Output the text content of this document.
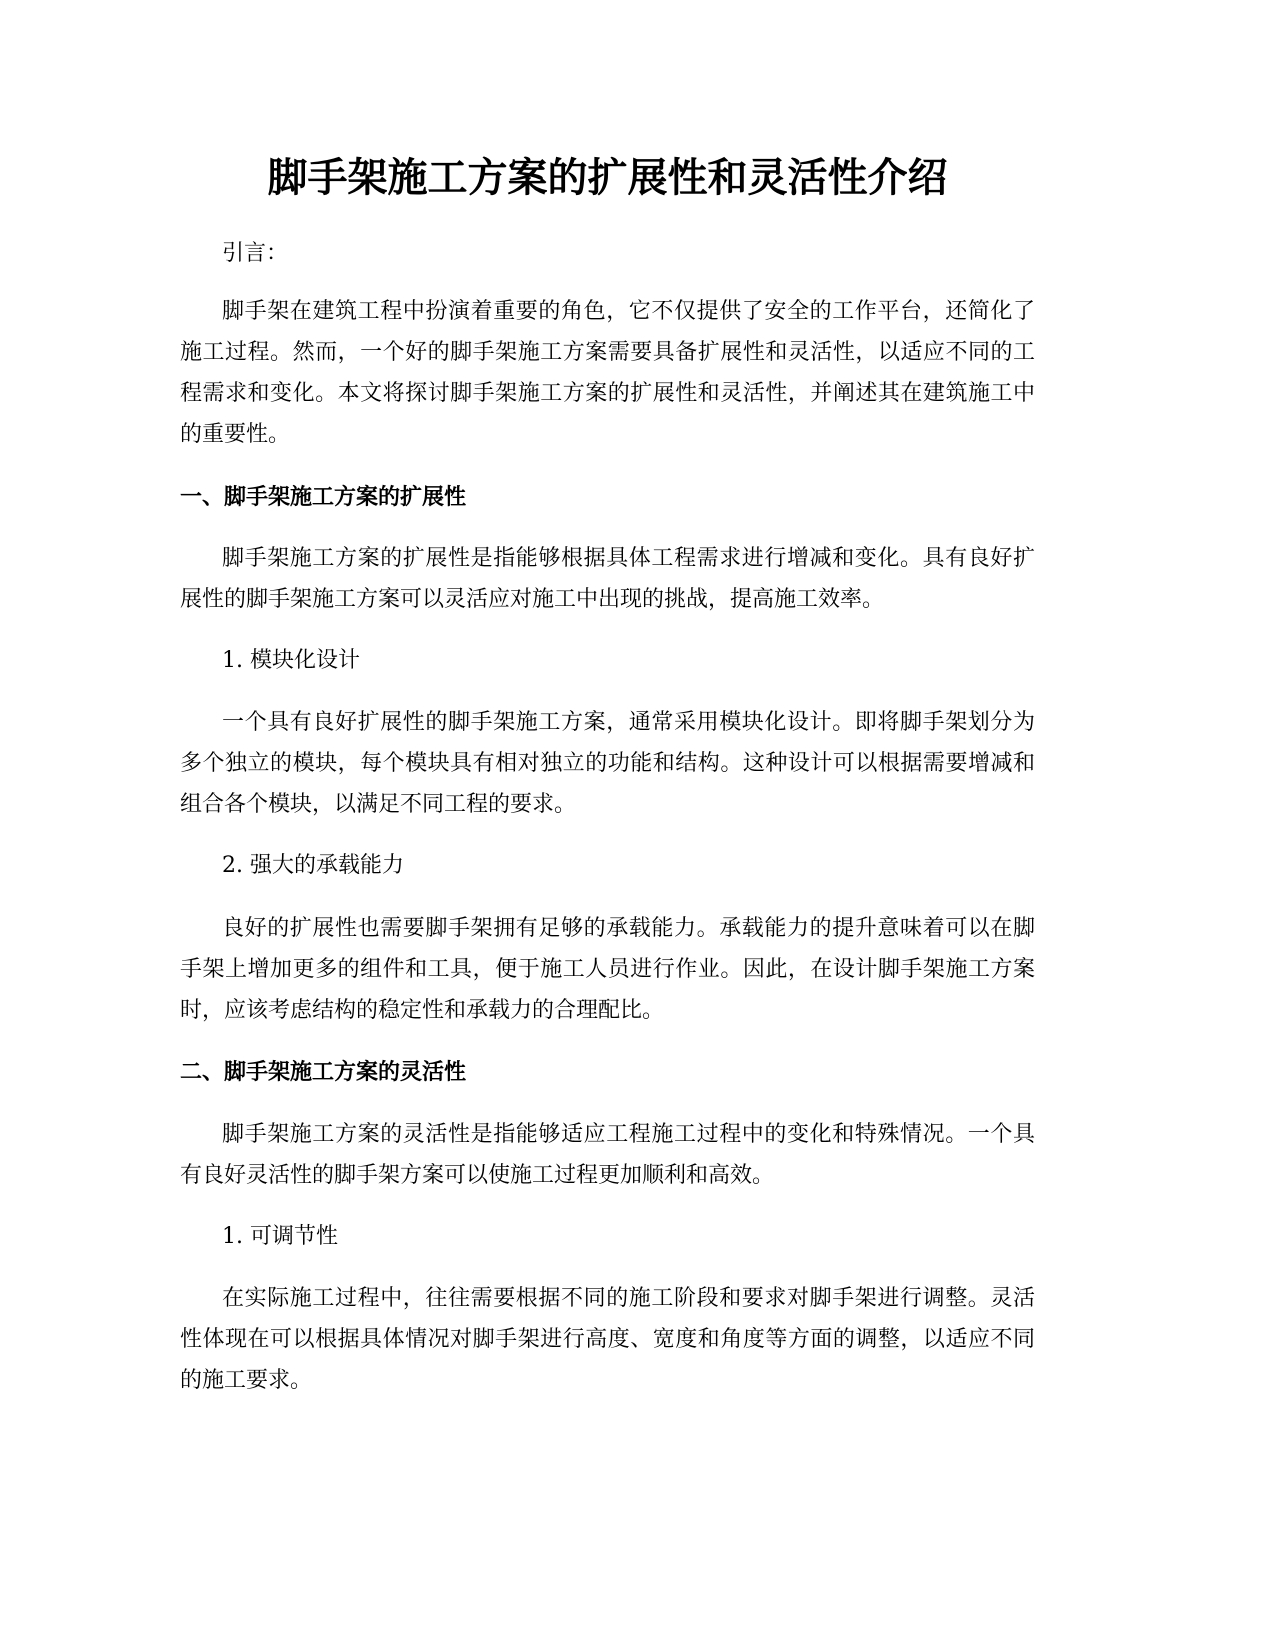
脚手架施工方案的扩展性和灵活性介绍

引言：

脚手架在建筑工程中扮演着重要的角色，它不仅提供了安全的工作平台，还简化了施工过程。然而，一个好的脚手架施工方案需要具备扩展性和灵活性，以适应不同的工程需求和变化。本文将探讨脚手架施工方案的扩展性和灵活性，并阐述其在建筑施工中的重要性。

一、脚手架施工方案的扩展性

脚手架施工方案的扩展性是指能够根据具体工程需求进行增减和变化。具有良好扩展性的脚手架施工方案可以灵活应对施工中出现的挑战，提高施工效率。

1. 模块化设计

一个具有良好扩展性的脚手架施工方案，通常采用模块化设计。即将脚手架划分为多个独立的模块，每个模块具有相对独立的功能和结构。这种设计可以根据需要增减和组合各个模块，以满足不同工程的要求。

2. 强大的承载能力

良好的扩展性也需要脚手架拥有足够的承载能力。承载能力的提升意味着可以在脚手架上增加更多的组件和工具，便于施工人员进行作业。因此，在设计脚手架施工方案时，应该考虑结构的稳定性和承载力的合理配比。

二、脚手架施工方案的灵活性

脚手架施工方案的灵活性是指能够适应工程施工过程中的变化和特殊情况。一个具有良好灵活性的脚手架方案可以使施工过程更加顺利和高效。

1. 可调节性

在实际施工过程中，往往需要根据不同的施工阶段和要求对脚手架进行调整。灵活性体现在可以根据具体情况对脚手架进行高度、宽度和角度等方面的调整，以适应不同的施工要求。
